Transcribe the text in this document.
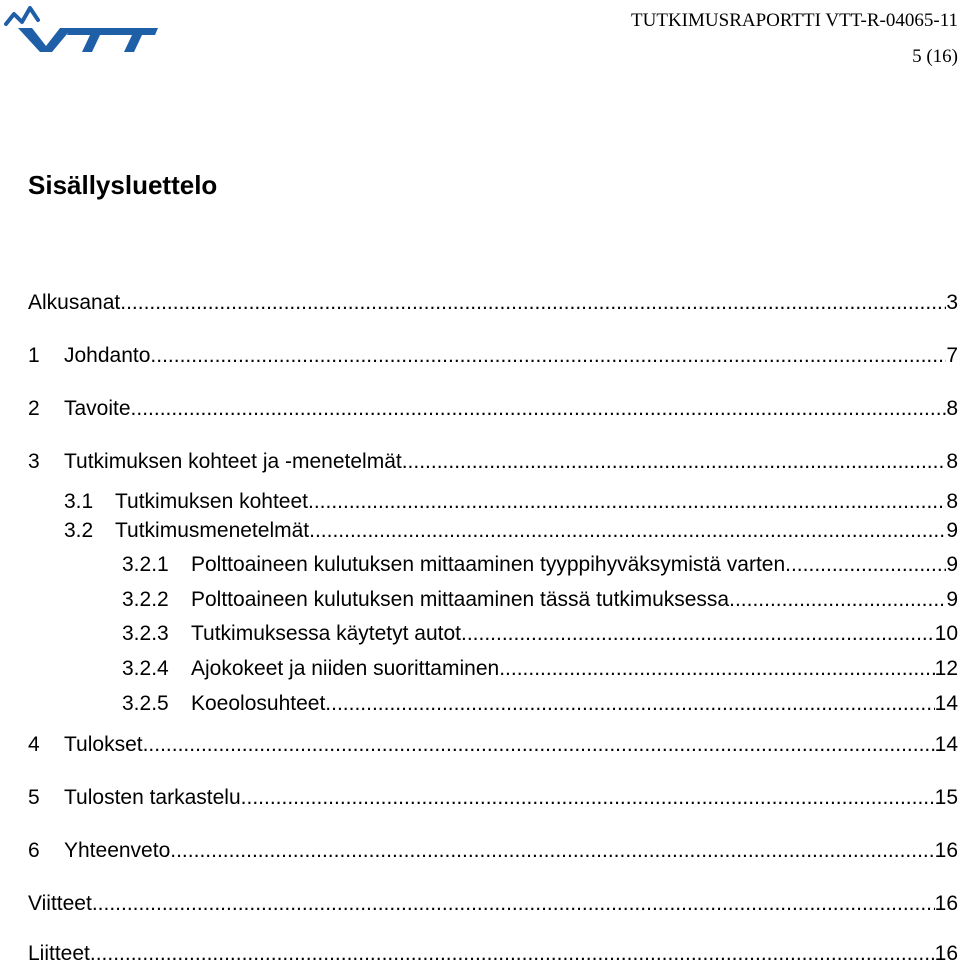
TUTKIMUSRAPORTTI VTT-R-04065-11
5 (16)
Sisällysluettelo
Alkusanat .....	3
1	Johdanto .....	7
2	Tavoite .....	8
3	Tutkimuksen kohteet ja -menetelmät .....	8
3.1	Tutkimuksen kohteet .....	8
3.2	Tutkimusmenetelmät .....	9
3.2.1	Polttoaineen kulutuksen mittaaminen tyyppihyväksymistä varten .....	9
3.2.2	Polttoaineen kulutuksen mittaaminen tässä tutkimuksessa .....	9
3.2.3	Tutkimuksessa käytetyt autot .....	10
3.2.4	Ajokokeet ja niiden suorittaminen .....	12
3.2.5	Koeolosuhteet .....	14
4	Tulokset .....	14
5	Tulosten tarkastelu .....	15
6	Yhteenveto .....	16
Viitteet .....	16
Liitteet .....	16
